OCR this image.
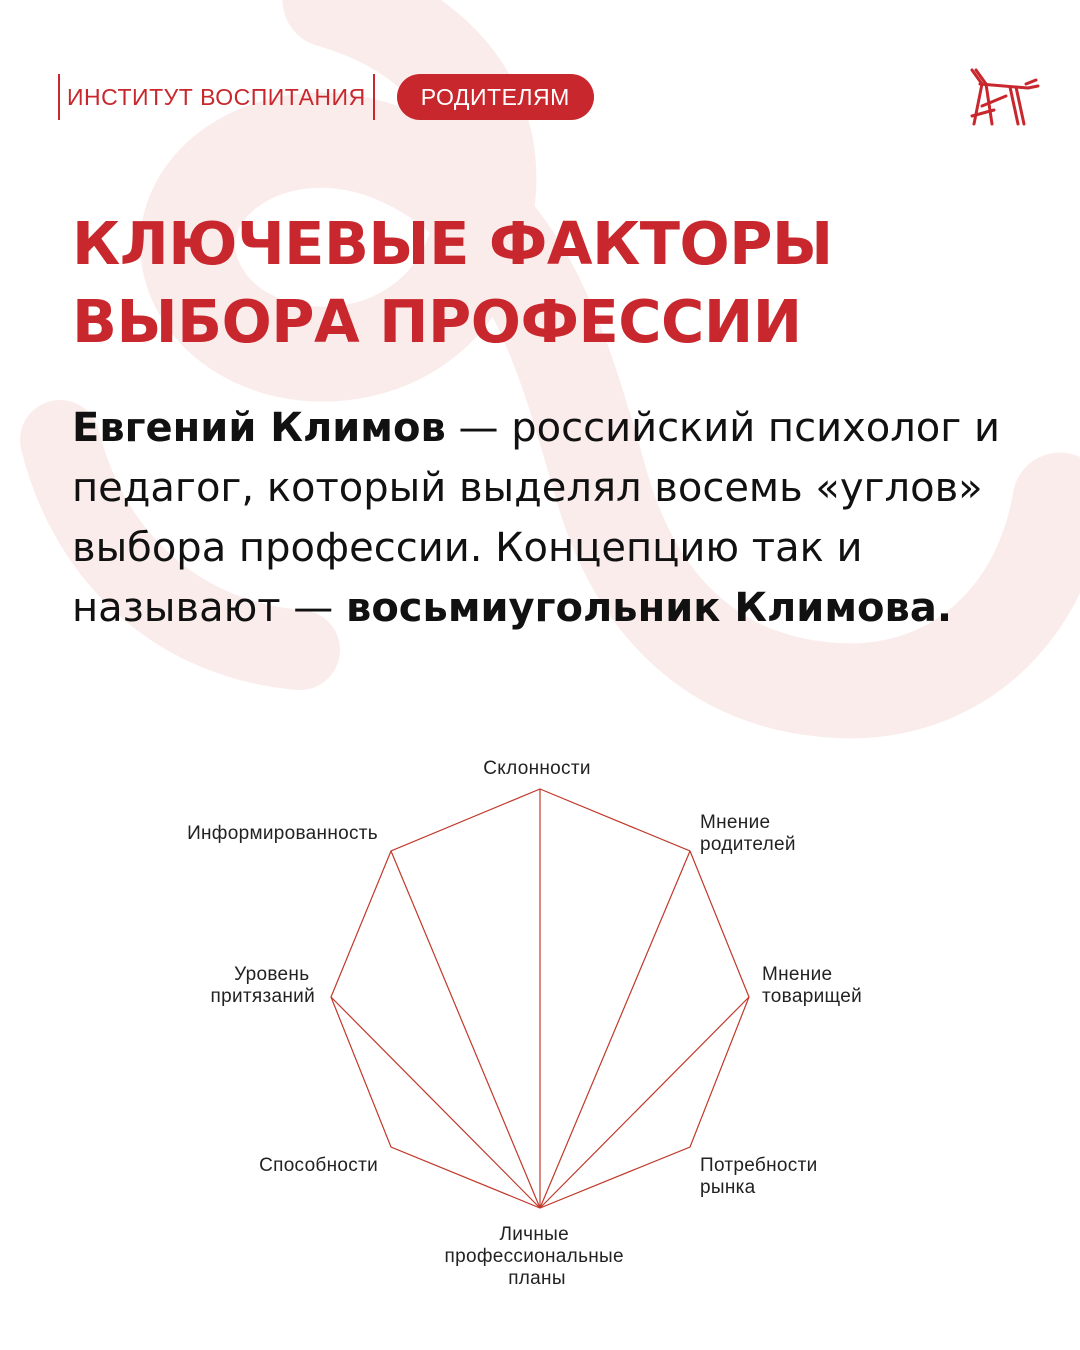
ИНСТИТУТ ВОСПИТАНИЯ	РОДИТЕЛЯМ
КЛЮЧЕВЫЕ ФАКТОРЫ
ВЫБОРА ПРОФЕССИИ

Евгений Климов — российский психолог и педагог, который выделял восемь «углов» выбора профессии. Концепцию так и называют — восьмиугольник Климова.

Склонности
Мнение родителей
Мнение товарищей
Потребности рынка
Личные профессиональные планы
Способности
Уровень притязаний
Информированность
